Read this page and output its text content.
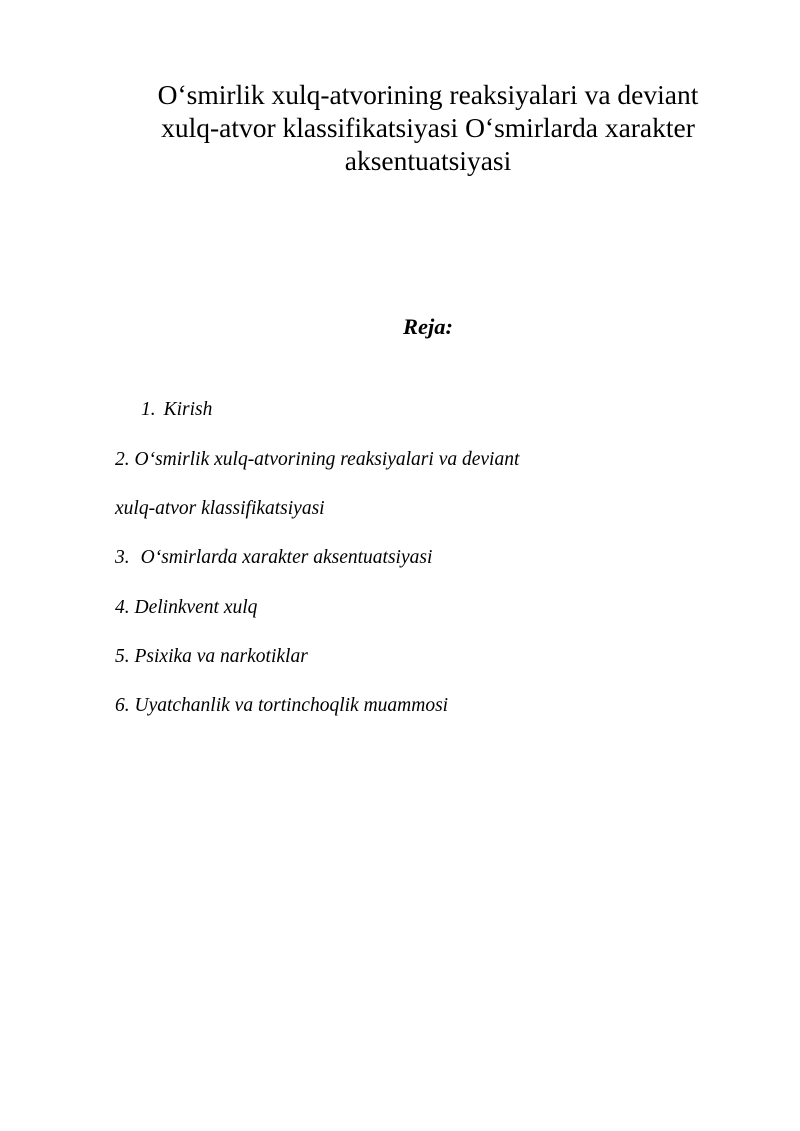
O‘smirlik xulq-atvorining reaksiyalari va deviant
xulq-atvor klassifikatsiyasi O‘smirlarda xarakter
aksentuatsiyasi
Reja:
1. Kirish
2. O‘smirlik xulq-atvorining reaksiyalari va deviant
xulq-atvor klassifikatsiyasi
3. O‘smirlarda xarakter aksentuatsiyasi
4. Delinkvent xulq
5. Psixika va narkotiklar
6. Uyatchanlik va tortinchoqlik muammosi
